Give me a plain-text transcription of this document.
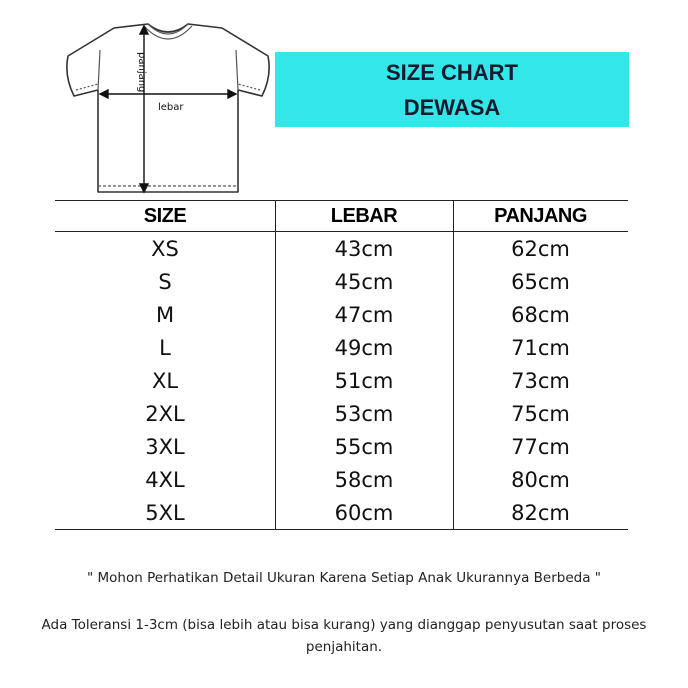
panjang
lebar
SIZE CHART
DEWASA
SIZE	LEBAR	PANJANG
XS	43cm	62cm
S	45cm	65cm
M	47cm	68cm
L	49cm	71cm
XL	51cm	73cm
2XL	53cm	75cm
3XL	55cm	77cm
4XL	58cm	80cm
5XL	60cm	82cm
" Mohon Perhatikan Detail Ukuran Karena Setiap Anak Ukurannya Berbeda "
Ada Toleransi 1-3cm (bisa lebih atau bisa kurang) yang dianggap penyusutan saat proses penjahitan.
